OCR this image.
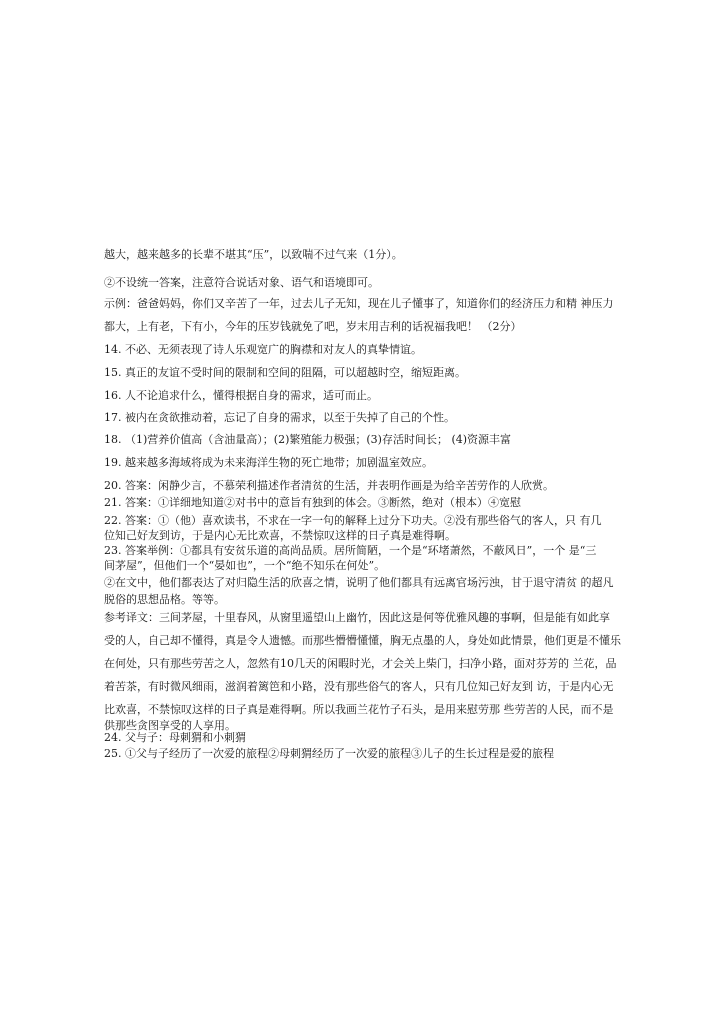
越大，越来越多的长辈不堪其“压”，以致喘不过气来（1分）。
②不设统一答案，注意符合说话对象、语气和语境即可。
示例：爸爸妈妈，你们又辛苦了一年，过去儿子无知，现在儿子懂事了，知道你们的经济压力和精 神压力
都大，上有老，下有小，今年的压岁钱就免了吧，岁末用吉利的话祝福我吧！ （2分）
14. 不必、无须表现了诗人乐观宽广的胸襟和对友人的真挚情谊。
15. 真正的友谊不受时间的限制和空间的阻隔，可以超越时空，缩短距离。
16. 人不论追求什么，懂得根据自身的需求，适可而止。
17. 被内在贪欲推动着，忘记了自身的需求，以至于失掉了自己的个性。
18. （1)营养价值高（含油量高）；(2)繁殖能力极强；(3)存活时间长； (4)资源丰富
19. 越来越多海域将成为未来海洋生物的死亡地带；加剧温室效应。
20. 答案：闲静少言，不慕荣利描述作者清贫的生活，并表明作画是为给辛苦劳作的人欣赏。
21. 答案：①详细地知道②对书中的意旨有独到的体会。③断然，绝对（根本）④宽慰
22. 答案：①（他）喜欢读书，不求在一字一句的解释上过分下功夫。②没有那些俗气的客人，只 有几
位知己好友到访，于是内心无比欢喜，不禁惊叹这样的日子真是难得啊。
23. 答案举例：①都具有安贫乐道的高尚品质。居所简陋，一个是“环堵萧然，不蔽风日”，一个 是“三
间茅屋”，但他们一个“晏如也”，一个“绝不知乐在何处”。
②在文中，他们都表达了对归隐生活的欣喜之情，说明了他们都具有远离官场污浊，甘于退守清贫 的超凡
脱俗的思想品格。等等。
参考译文：三间茅屋，十里春风，从窗里遥望山上幽竹，因此这是何等优雅风趣的事啊，但是能有如此享
受的人，自己却不懂得，真是令人遗憾。而那些懵懵懂懂，胸无点墨的人，身处如此情景，他们更是不懂乐
在何处，只有那些劳苦之人，忽然有10几天的闲暇时光，才会关上柴门，扫净小路，面对芬芳的 兰花，品
着苦茶，有时微风细雨，滋润着篱笆和小路，没有那些俗气的客人，只有几位知己好友到 访，于是内心无
比欢喜，不禁惊叹这样的日子真是难得啊。所以我画兰花竹子石头，是用来慰劳那 些劳苦的人民，而不是
供那些贪图享受的人享用。
24. 父与子：母刺猬和小刺猬
25. ①父与子经历了一次爱的旅程②母刺猬经历了一次爱的旅程③儿子的生长过程是爱的旅程
